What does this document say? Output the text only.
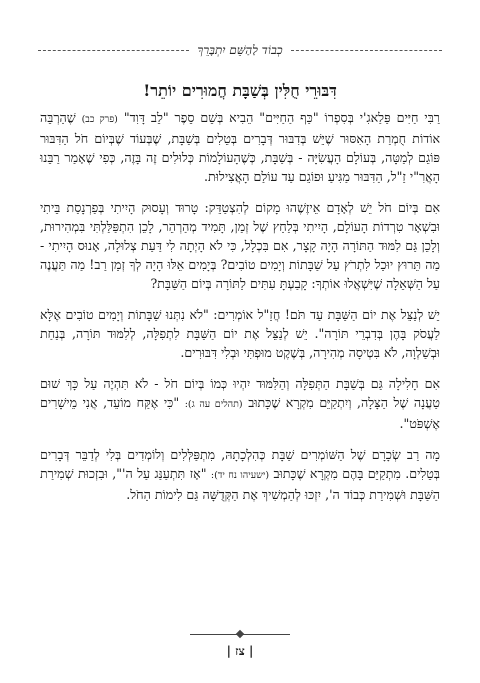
כְבוֹד לַהַשֵּׁם יִתְבָּרֵךְ
דִּבּוּרֵי חֻלִּין בְּשַׁבָּת חֲמוּרִים יוֹתֵר!

רַבִּי חַיִּים פַּלַאגִ'י בְּסִפְרוֹ "כַּף הַחַיִּים" הֵבִיא בְּשֵׁם סֵפֶר "לֵב דָּוִד" (פרק כב) שֶׁהַרְבֵּה אוֹדוֹת חֻמְרַת הָאִסּוּר שֶׁיֵּשׁ בְּדִבּוּר דְּבָרִים בְּטֵלִים בְּשַׁבָּת, שֶׁבְּעוֹד שֶׁבְּיוֹם חֹל הַדִּבּוּר פּוֹגֵם לְמַטָּה, בְּעוֹלָם הָעֲשִׂיָּה - בְּשַׁבָּת, כְּשֶׁהָעוֹלָמוֹת כְּלוּלִים זֶה בָּזֶה, כְּפִי שֶׁאָמַר רַבֵּנוּ הָאֲרִ"י זַ"ל, הַדִּבּוּר מַגִּיעַ וּפוֹגֵם עַד עוֹלַם הָאֲצִילוּת.

אִם בְּיוֹם חֹל יֵשׁ לְאָדָם אֵיזֶשֶׁהוּ מָקוֹם לְהִצְטַדֵּק: טָרוּד וְעָסוּק הָיִיתִי בְּפַרְנָסַת בֵּיתִי וּבִשְׁאָר טִרְדוֹת הָעוֹלָם, הָיִיתִי בְּלַחַץ שֶׁל זְמַן, תָּמִיד מְהַרְהֵר, לָכֵן הִתְפַּלַּלְתִּי בִּמְהִירוּת, וְלָכֵן גַּם לִמּוּד הַתּוֹרָה הָיָה קָצָר, אִם בִּכְלָל, כִּי לֹא הָיְתָה לִי דַּעַת צְלוּלָה, אָנוּס הָיִיתִי - מַה תֵּרוּץ יוּכַל לִתְרֹץ עַל שַׁבָּתוֹת וְיָמִים טוֹבִים? בְּיָמִים אֵלּוּ הָיָה לְךָ זְמַן רַב! מַה תַּעֲנֶה עַל הַשְּׁאֵלָה שֶׁיִּשְׁאֲלוּ אוֹתְךָ: קָבַעְתָּ עִתִּים לַתּוֹרָה בְּיוֹם הַשַּׁבָּת?

יֵשׁ לְנַצֵּל אֶת יוֹם הַשַּׁבָּת עַד תֹּם! חֲזַ"ל אוֹמְרִים: "לֹא נִתְּנוּ שַׁבָּתוֹת וְיָמִים טוֹבִים אֶלָּא לַעֲסֹק בָּהֶן בְּדִבְרֵי תּוֹרָה". יֵשׁ לְנַצֵּל אֶת יוֹם הַשַּׁבָּת לִתְפִלָּה, לְלִמּוּד תּוֹרָה, בְּנַחַת וּבְשַׁלְוָה, לֹא בִּטְיסָה מְהִירָה, בְּשֶׁקֶט מוּפְתִּי וּבְלִי דִּבּוּרִים.

אִם חָלִילָה גַּם בְּשַׁבָּת הַתְּפִלָּה וְהַלִּמּוּד יִהְיוּ כְּמוֹ בְּיוֹם חֹל - לֹא תִּהְיֶה עַל כָּךְ שׁוּם טַעֲנָה שֶׁל הַצָּלָה, וְיִתְקַיֵּם מִקְרָא שֶׁכָּתוּב (תהלים עה ג): "כִּי אֶקַּח מוֹעֵד, אֲנִי מֵישָׁרִים אֶשְׁפֹּט".

מָה רַב שְׂכָרָם שֶׁל הַשּׁוֹמְרִים שַׁבָּת כְּהִלְכָתָהּ, מִתְפַּלְּלִים וְלוֹמְדִים בְּלִי לְדַבֵּר דְּבָרִים בְּטֵלִים. מִתְקַיֵּם בָּהֶם מִקְרָא שֶׁכָּתוּב (ישעיהו נח יד): "אָז תִּתְעַנַּג עַל ה'", וּבִזְכוּת שְׁמִירַת הַשַּׁבָּת וּשְׁמִירַת כְּבוֹד ה', יִזְכּוּ לְהַמְשִׁיךְ אֶת הַקְּדֻשָּׁה גַּם לִימוֹת הַחֹל.

| צז |
